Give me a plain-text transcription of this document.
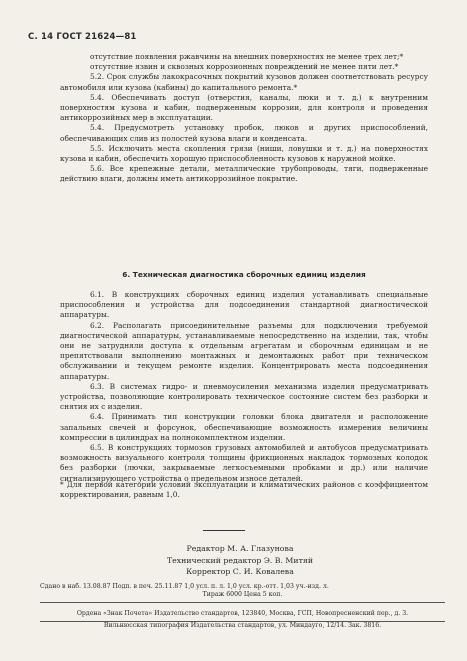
С. 14 ГОСТ 21624—81

отсутствие появления ржавчины на внешних поверхностях не менее трех лет;*

отсутствие язвин и сквозных коррозионных повреждений не менее пяти лет.*

5.2. Срок службы лакокрасочных покрытий кузовов должен соответствовать ресурсу автомобиля или кузова (кабины) до капитального ремонта.*

5.4. Обеспечивать доступ (отверстия, каналы, люки и т. д.) к внутренним поверхностям кузова и кабин, подверженным коррозии, для контроля и проведения антикоррозийных мер в эксплуатации.

5.4. Предусмотреть установку пробок, люков и других приспособлений, обеспечивающих слив из полостей кузова влаги и конденсата.

5.5. Исключить места скопления грязи (ниши, ловушки и т. д.) на поверхностях кузова и кабин, обеспечить хорошую приспособленность кузовов к наружной мойке.

5.6. Все крепежные детали, металлические трубопроводы, тяги, подверженные действию влаги, должны иметь антикоррозийное покрытие.

6. Техническая диагностика сборочных единиц изделия

6.1. В конструкциях сборочных единиц изделия устанавливать специальные приспособления и устройства для подсоединения стандартной диагностической аппаратуры.

6.2. Располагать присоединительные разъемы для подключения требуемой диагностической аппаратуры, устанавливаемые непосредственно на изделии, так, чтобы они не затрудняли доступа к отдельным агрегатам и сборочным единицам и не препятствовали выполнению монтажных и демонтажных работ при техническом обслуживании и текущем ремонте изделия. Концентрировать места подсоединения аппаратуры.

6.3. В системах гидро- и пневмоусиления механизма изделия предусматривать устройства, позволяющие контролировать техническое состояние систем без разборки и снятия их с изделия.

6.4. Принимать тип конструкции головки блока двигателя и расположение запальных свечей и форсунок, обеспечивающие возможность измерения величины компрессии в цилиндрах на полнокомплектном изделии.

6.5. В конструкциях тормозов грузовых автомобилей и автобусов предусматривать возможность визуального контроля толщины фрикционных накладок тормозных колодок без разборки (лючки, закрываемые легкосъемными пробками и др.) или наличие сигнализирующего устройства о предельном износе деталей.

* Для первой категории условий эксплуатации и климатических районов с коэффициентом корректирования, равным 1,0.
Редактор М. А. Глазунова
Технический редактор Э. В. Митяй
Корректор С. И. Ковалева
Сдано в наб. 13.08.87 Подп. в печ. 25.11.87 1,0 усл. п. л. 1,0 усл. кр.-отт. 1,03 уч.-изд. л.
Тираж 6000 Цена 5 коп.
Ордена «Знак Почета» Издательство стандартов, 123840, Москва, ГСП, Новопресненский пер., д. 3.
Вильнюсская типография Издательства стандартов, ул. Миндауго, 12/14. Зак. 3816.
